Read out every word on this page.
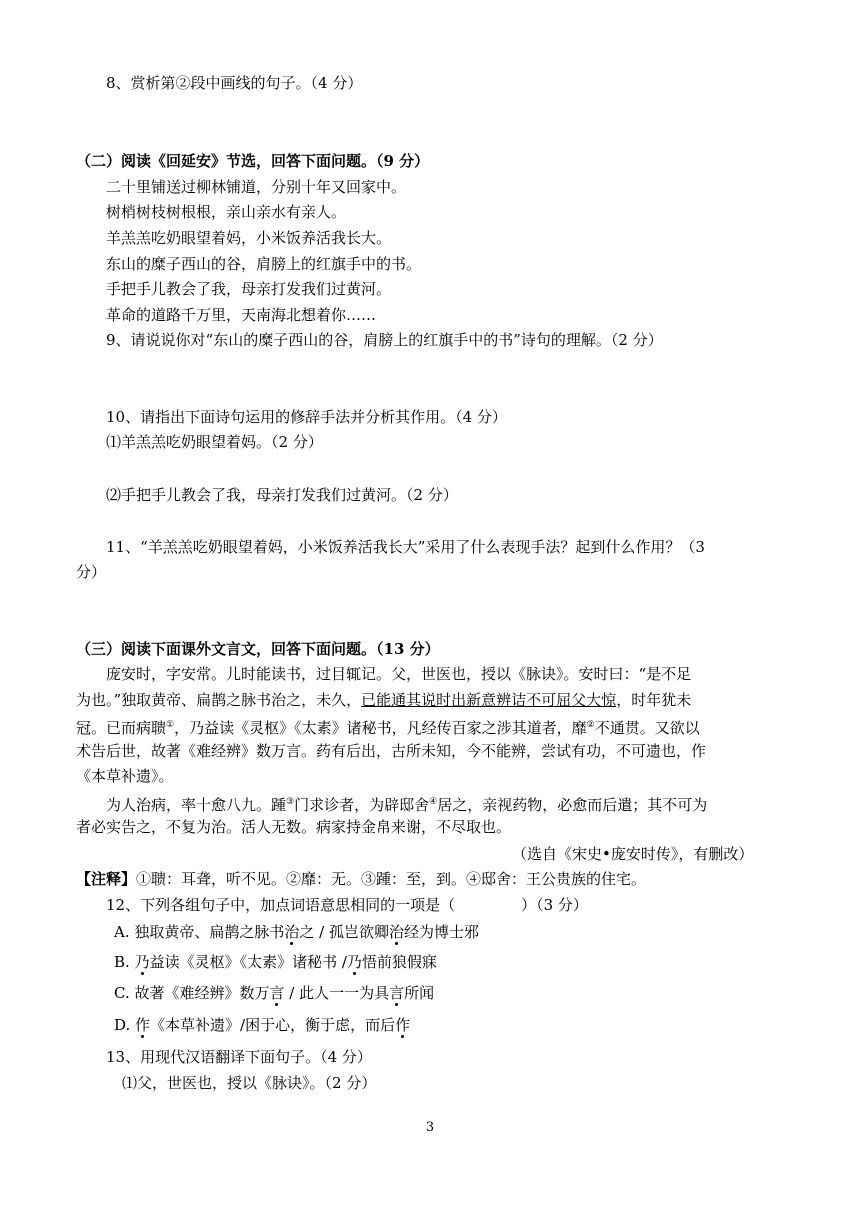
8、赏析第②段中画线的句子。（4 分）
（二）阅读《回延安》节选，回答下面问题。（9 分）
二十里铺送过柳林铺道，分别十年又回家中。
树梢树枝树根根，亲山亲水有亲人。
羊羔羔吃奶眼望着妈，小米饭养活我长大。
东山的糜子西山的谷，肩膀上的红旗手中的书。
手把手儿教会了我，母亲打发我们过黄河。
革命的道路千万里，天南海北想着你……
9、请说说你对“东山的糜子西山的谷，肩膀上的红旗手中的书”诗句的理解。（2 分）
10、请指出下面诗句运用的修辞手法并分析其作用。（4 分）
⑴羊羔羔吃奶眼望着妈。（2 分）
⑵手把手儿教会了我，母亲打发我们过黄河。（2 分）
11、“羊羔羔吃奶眼望着妈，小米饭养活我长大”采用了什么表现手法？起到什么作用？（3
分）
（三）阅读下面课外文言文，回答下面问题。（13 分）
庞安时，字安常。儿时能读书，过目辄记。父，世医也，授以《脉诀》。安时曰：“是不足
为也。”独取黄帝、扁鹊之脉书治之，未久，已能通其说时出新意辨诘不可屈父大惊，时年犹未
冠。已而病聩①，乃益读《灵枢》《太素》诸秘书，凡经传百家之涉其道者，靡②不通贯。又欲以
术告后世，故著《难经辨》数万言。药有后出，古所未知，今不能辨，尝试有功，不可遗也，作
《本草补遗》。
为人治病，率十愈八九。踵③门求诊者，为辟邸舍④居之，亲视药物，必愈而后遣；其不可为
者必实告之，不复为治。活人无数。病家持金帛来谢，不尽取也。
（选自《宋史•庞安时传》，有删改）
【注释】①聩：耳聋，听不见。②靡：无。③踵：至，到。④邸舍：王公贵族的住宅。
12、下列各组句子中，加点词语意思相同的一项是（	）（3 分）
A. 独取黄帝、扁鹊之脉书治之 / 孤岂欲卿治经为博士邪
B. 乃益读《灵枢》《太素》诸秘书 /乃悟前狼假寐
C. 故著《难经辨》数万言 / 此人一一为具言所闻
D. 作《本草补遗》/困于心，衡于虑，而后作
13、用现代汉语翻译下面句子。（4 分）
⑴父，世医也，授以《脉诀》。（2 分）
3
